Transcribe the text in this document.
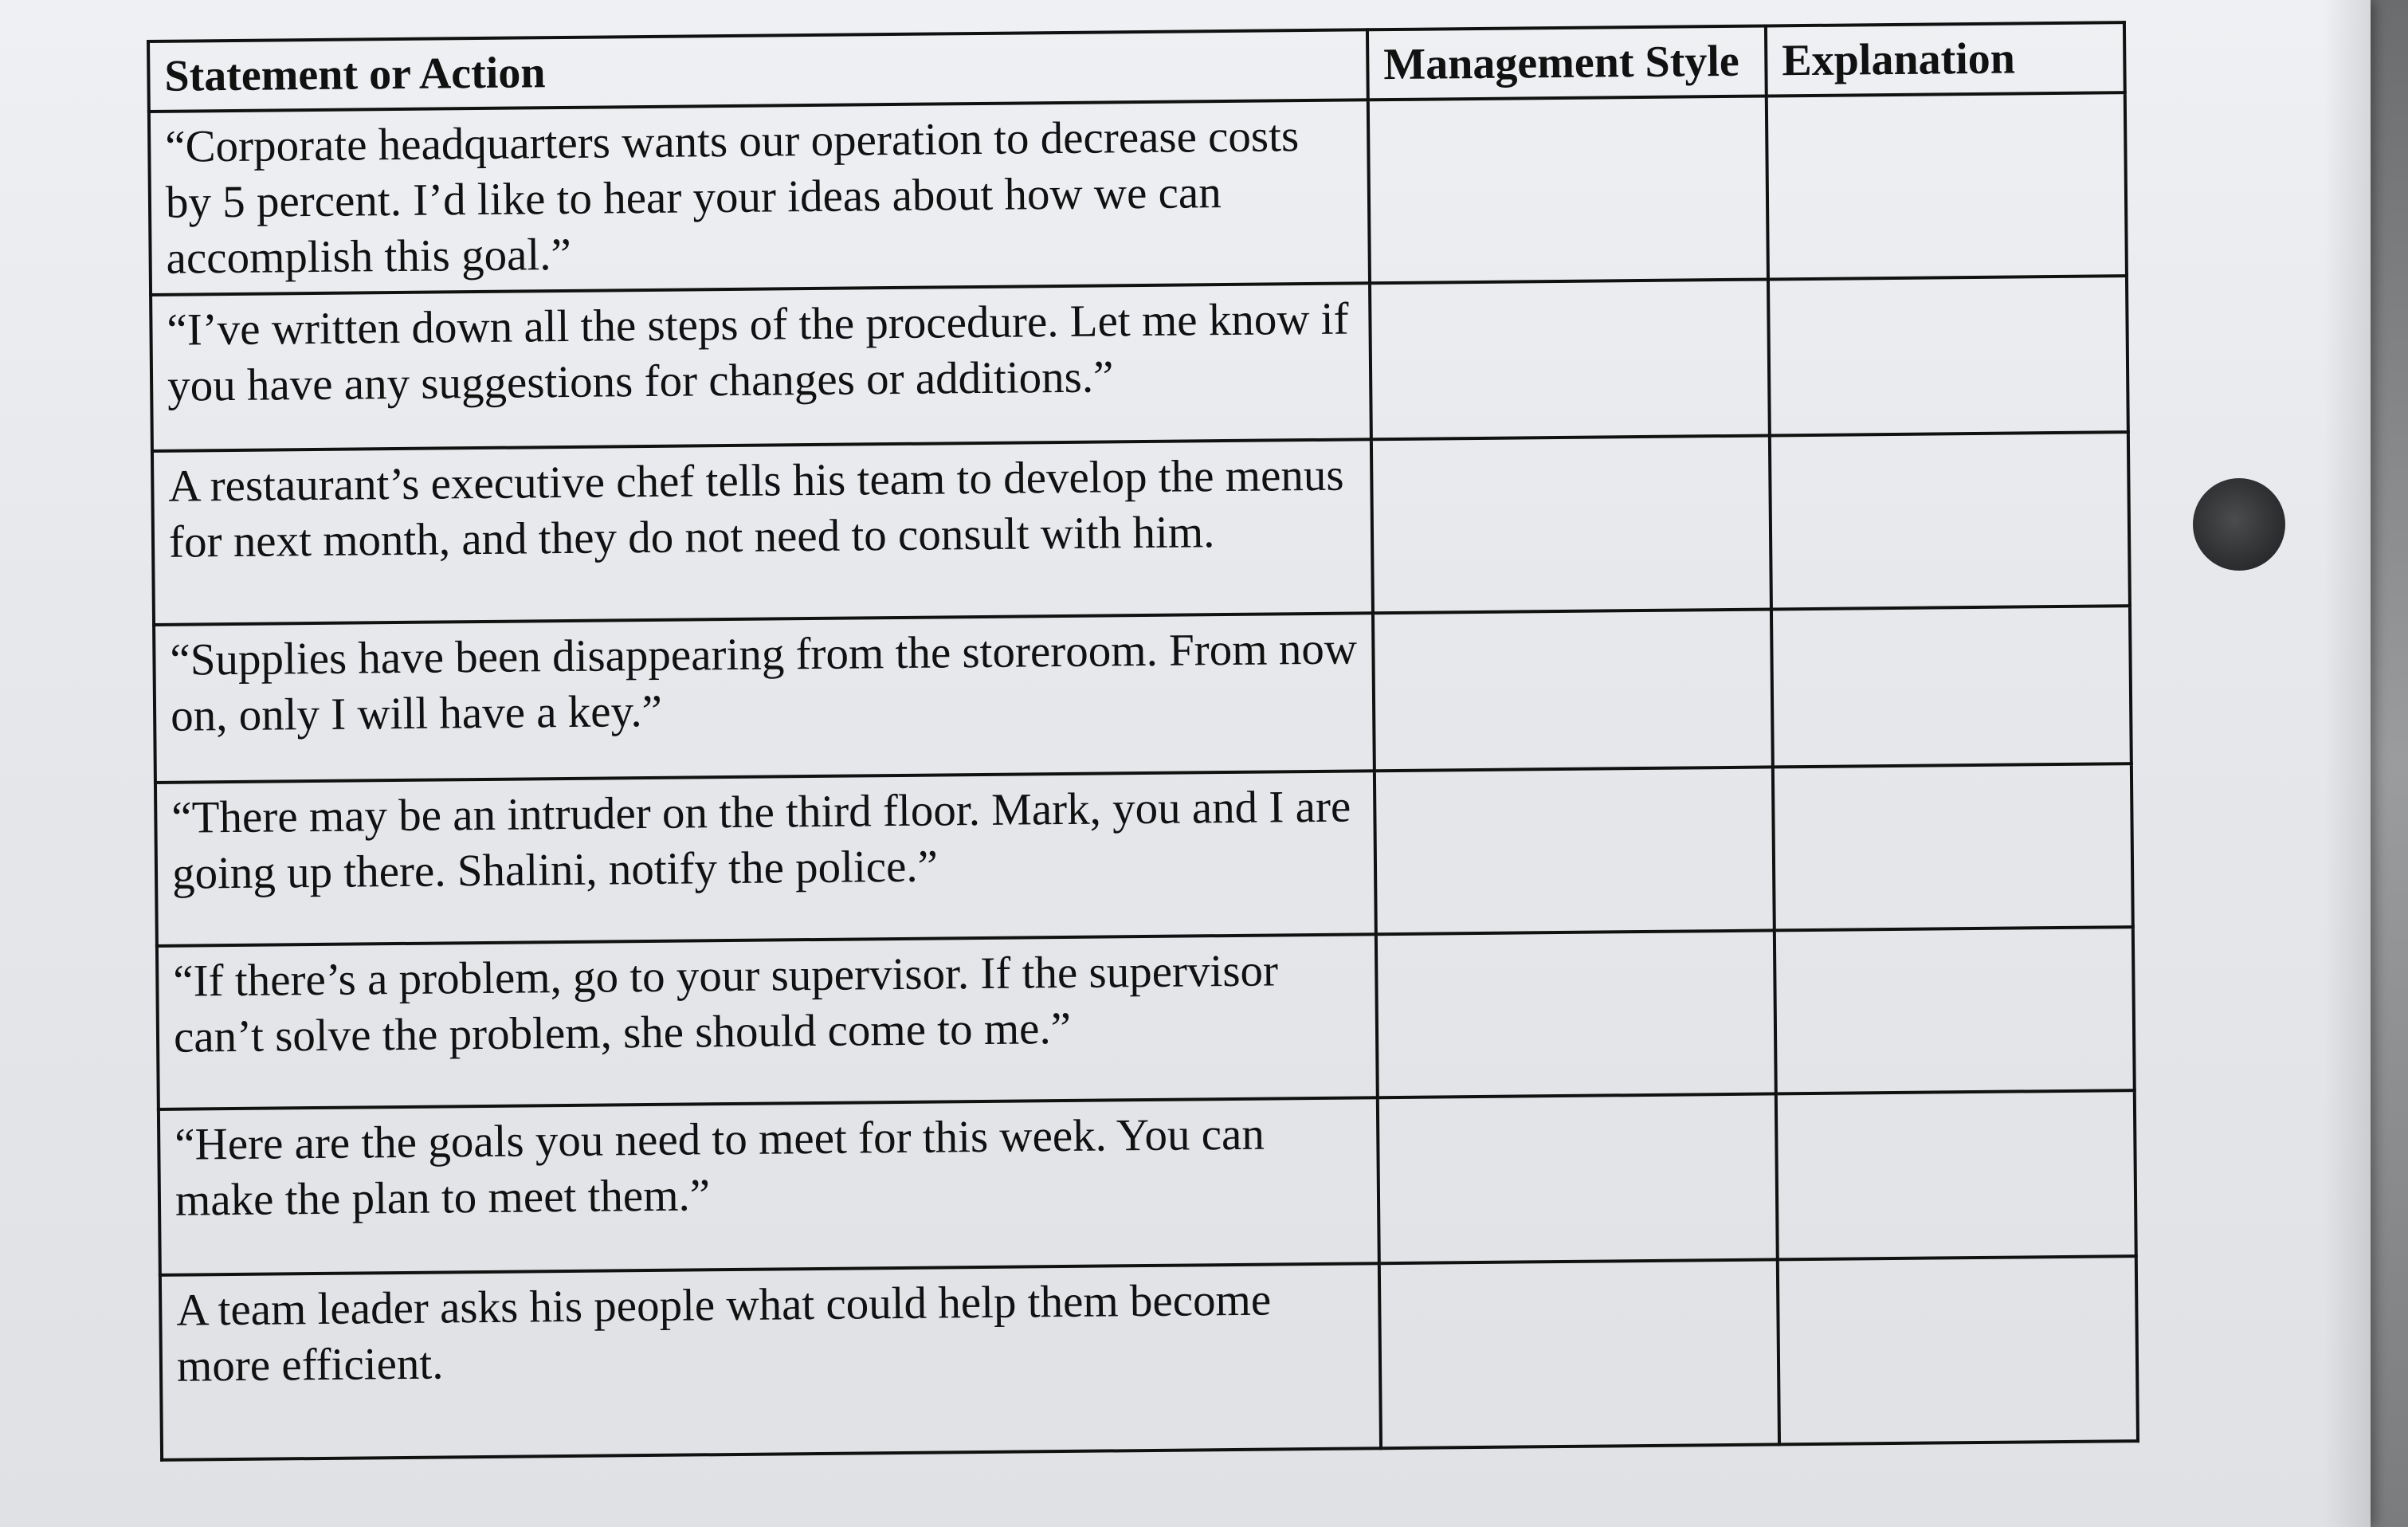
Statement or Action	Management Style	Explanation
“Corporate headquarters wants our operation to decrease costs by 5 percent. I’d like to hear your ideas about how we can accomplish this goal.”		
“I’ve written down all the steps of the procedure. Let me know if you have any suggestions for changes or additions.”		
A restaurant’s executive chef tells his team to develop the menus for next month, and they do not need to consult with him.		
“Supplies have been disappearing from the storeroom. From now on, only I will have a key.”		
“There may be an intruder on the third floor. Mark, you and I are going up there. Shalini, notify the police.”		
“If there’s a problem, go to your supervisor. If the supervisor can’t solve the problem, she should come to me.”		
“Here are the goals you need to meet for this week. You can make the plan to meet them.”		
A team leader asks his people what could help them become more efficient.		
